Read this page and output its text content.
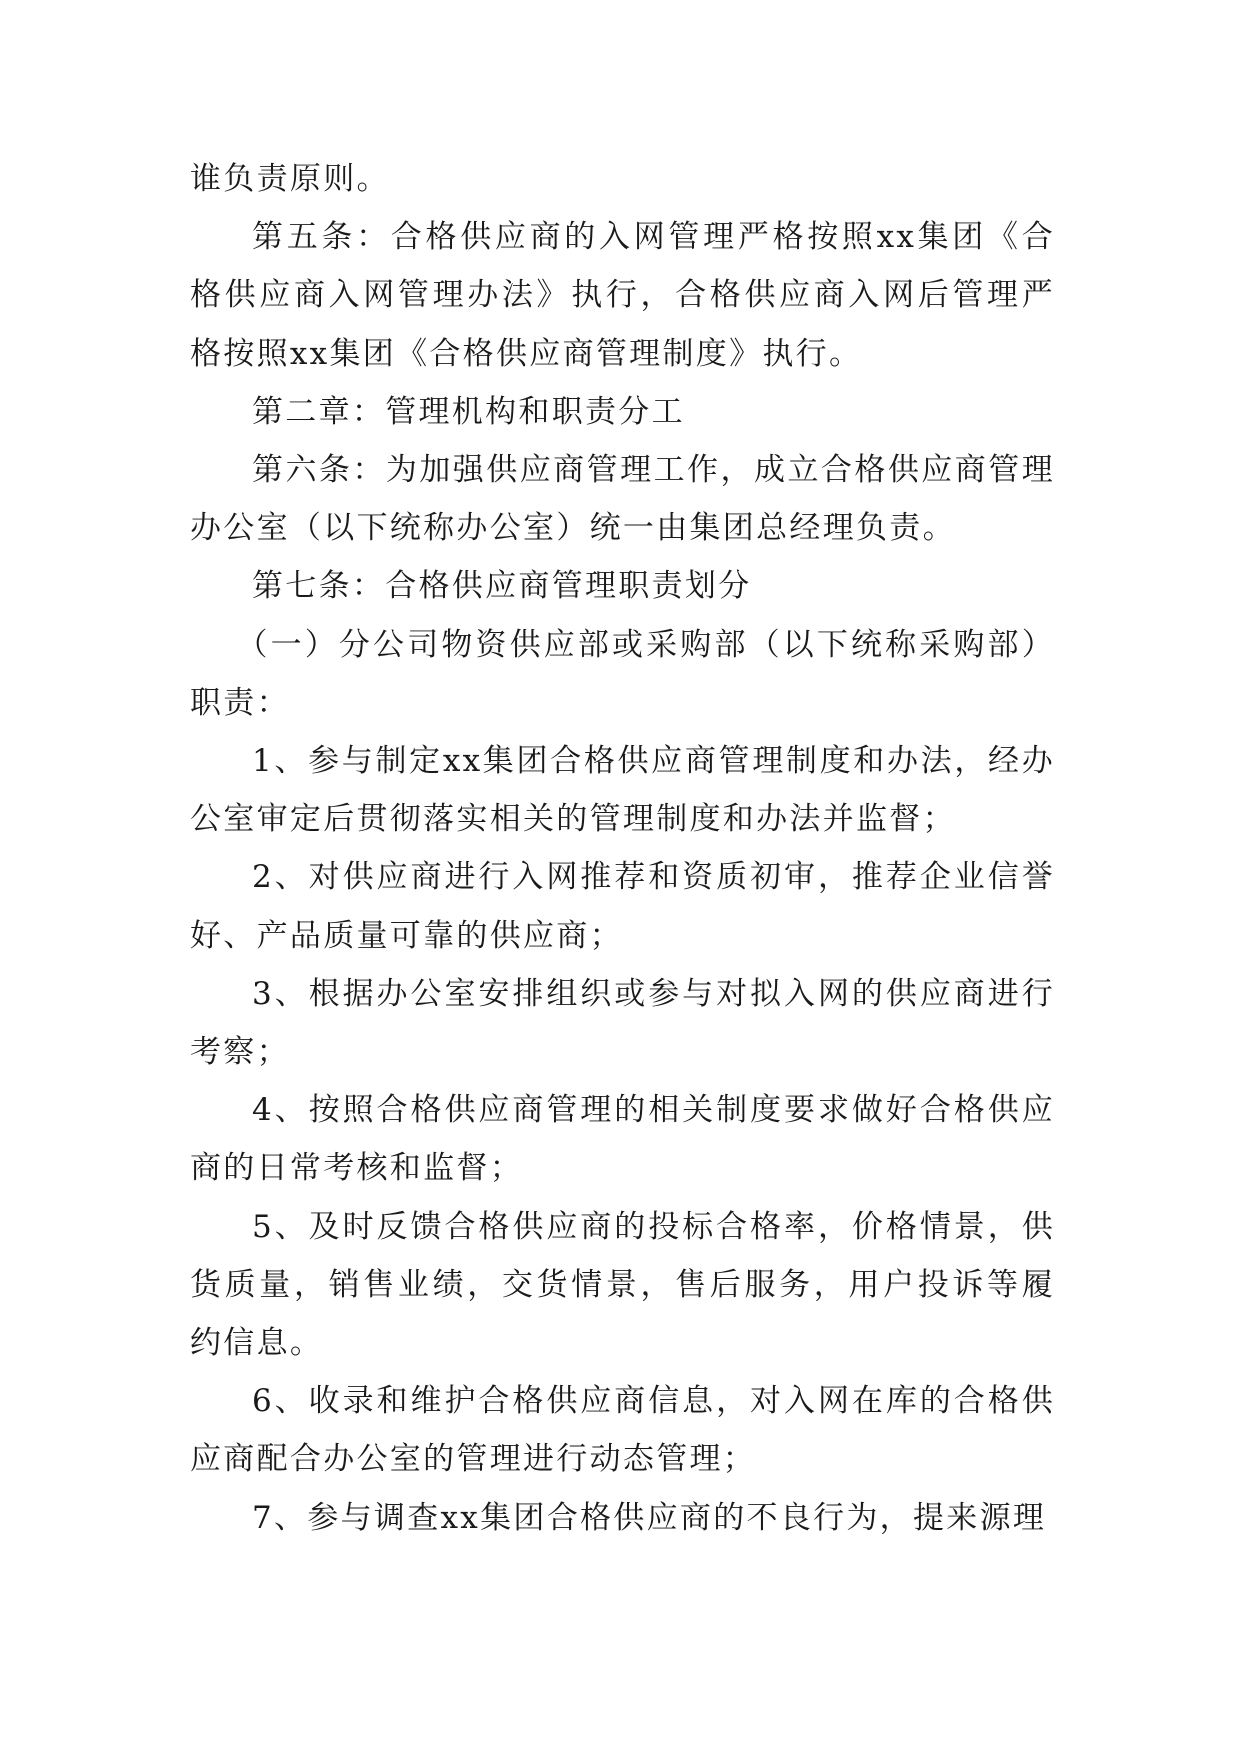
谁负责原则。

第五条：合格供应商的入网管理严格按照xx集团《合格供应商入网管理办法》执行，合格供应商入网后管理严格按照xx集团《合格供应商管理制度》执行。

第二章：管理机构和职责分工

第六条：为加强供应商管理工作，成立合格供应商管理办公室（以下统称办公室）统一由集团总经理负责。

第七条：合格供应商管理职责划分

（一）分公司物资供应部或采购部（以下统称采购部）职责：

1、参与制定xx集团合格供应商管理制度和办法，经办公室审定后贯彻落实相关的管理制度和办法并监督；

2、对供应商进行入网推荐和资质初审，推荐企业信誉好、产品质量可靠的供应商；

3、根据办公室安排组织或参与对拟入网的供应商进行考察；

4、按照合格供应商管理的相关制度要求做好合格供应商的日常考核和监督；

5、及时反馈合格供应商的投标合格率，价格情景，供货质量，销售业绩，交货情景，售后服务，用户投诉等履约信息。

6、收录和维护合格供应商信息，对入网在库的合格供应商配合办公室的管理进行动态管理；

7、参与调查xx集团合格供应商的不良行为，提来源理
